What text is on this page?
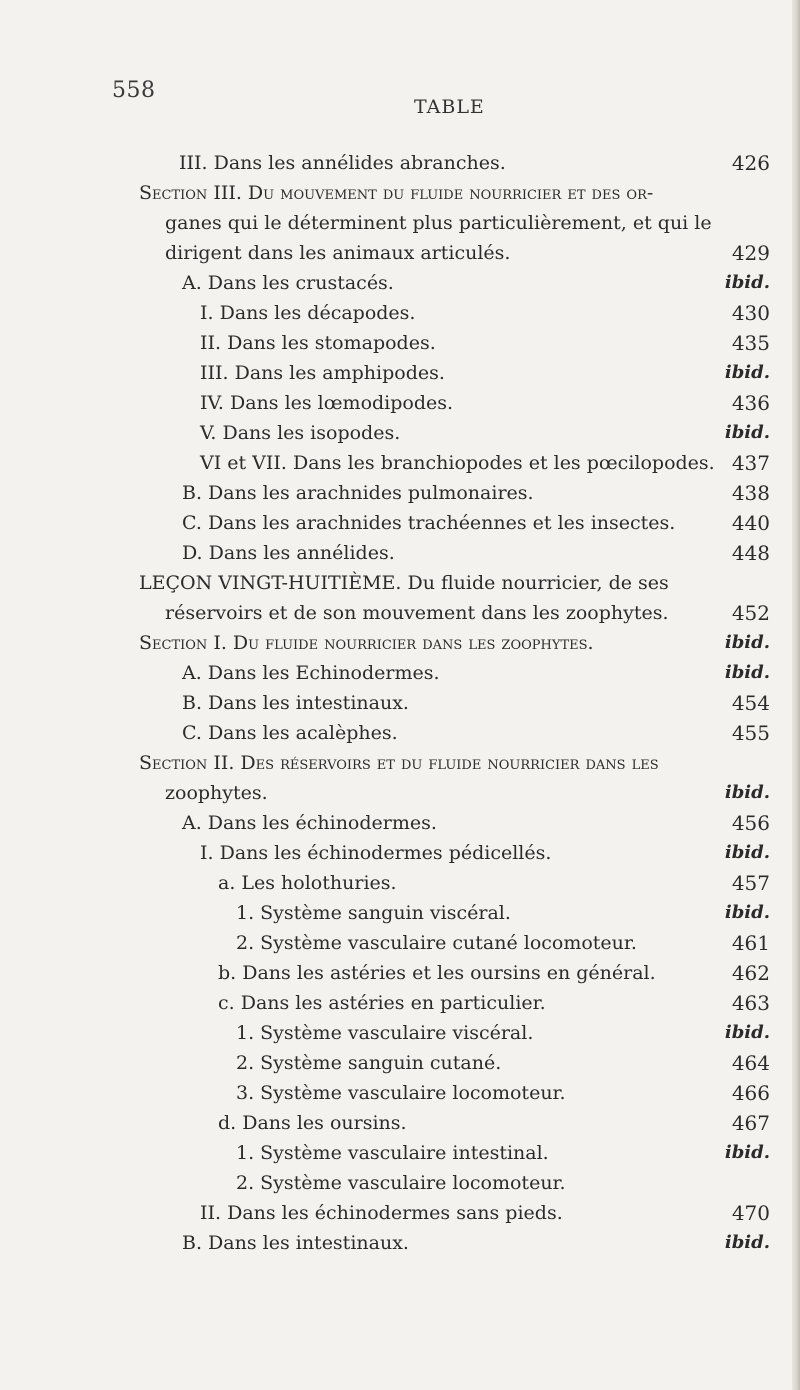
558
TABLE
III. Dans les annélides abranches.	426
Section III. Du mouvement du fluide nourricier et des or-
ganes qui le déterminent plus particulièrement, et qui le
dirigent dans les animaux articulés.	429
A. Dans les crustacés.	ibid.
I. Dans les décapodes.	430
II. Dans les stomapodes.	435
III. Dans les amphipodes.	ibid.
IV. Dans les lœmodipodes.	436
V. Dans les isopodes.	ibid.
VI et VII. Dans les branchiopodes et les pœcilopodes. 437
B. Dans les arachnides pulmonaires.	438
C. Dans les arachnides trachéennes et les insectes.	440
D. Dans les annélides.	448
LEÇON VINGT-HUITIÈME. Du fluide nourricier, de ses
réservoirs et de son mouvement dans les zoophytes.	452
Section I. Du fluide nourricier dans les zoophytes.	ibid.
A. Dans les Echinodermes.	ibid.
B. Dans les intestinaux.	454
C. Dans les acalèphes.	455
Section II. Des réservoirs et du fluide nourricier dans les
zoophytes.	ibid.
A. Dans les échinodermes.	456
I. Dans les échinodermes pédicellés.	ibid.
a. Les holothuries.	457
1. Système sanguin viscéral.	ibid.
2. Système vasculaire cutané locomoteur.	461
b. Dans les astéries et les oursins en général.	462
c. Dans les astéries en particulier.	463
1. Système vasculaire viscéral.	ibid.
2. Système sanguin cutané.	464
3. Système vasculaire locomoteur.	466
d. Dans les oursins.	467
1. Système vasculaire intestinal.	ibid.
2. Système vasculaire locomoteur.
II. Dans les échinodermes sans pieds.	470
B. Dans les intestinaux.	ibid.
